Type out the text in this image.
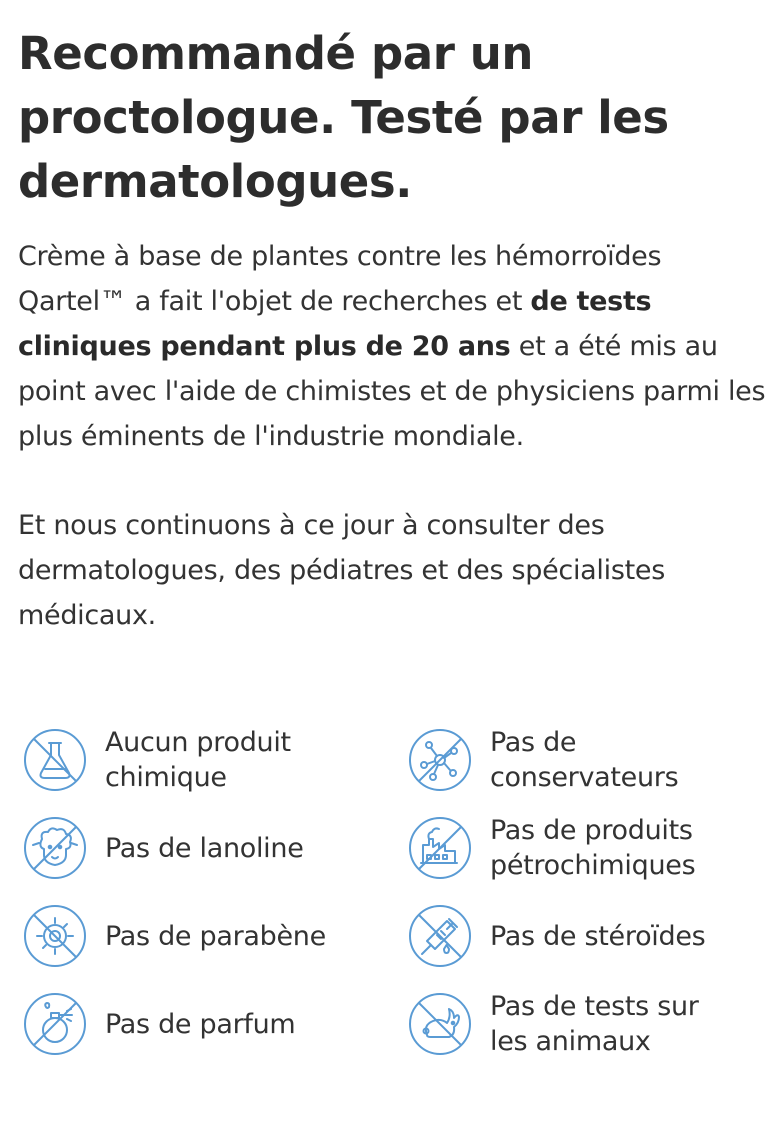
Recommandé par un
proctologue. Testé par les
dermatologues.

Crème à base de plantes contre les hémorroïdes Qartel™ a fait l'objet de recherches et de tests cliniques pendant plus de 20 ans et a été mis au point avec l'aide de chimistes et de physiciens parmi les plus éminents de l'industrie mondiale.

Et nous continuons à ce jour à consulter des dermatologues, des pédiatres et des spécialistes médicaux.

Aucun produit
chimique
Pas de
conservateurs
Pas de lanoline
Pas de produits
pétrochimiques
Pas de parabène	Pas de stéroïdes
Pas de parfum
Pas de tests sur
les animaux
